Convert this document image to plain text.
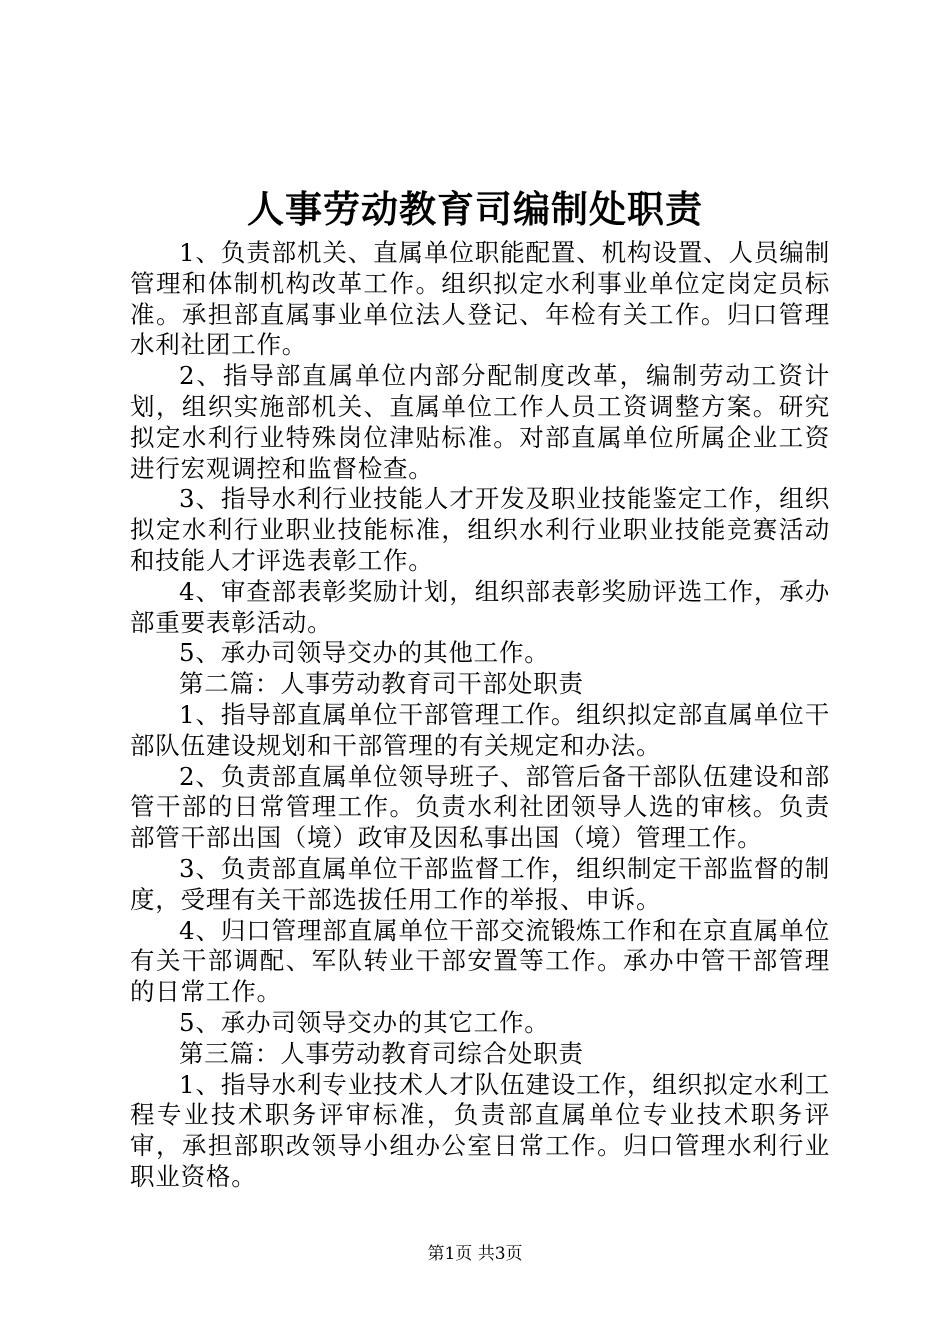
人事劳动教育司编制处职责

1、负责部机关、直属单位职能配置、机构设置、人员编制管理和体制机构改革工作。组织拟定水利事业单位定岗定员标准。承担部直属事业单位法人登记、年检有关工作。归口管理水利社团工作。

2、指导部直属单位内部分配制度改革，编制劳动工资计划，组织实施部机关、直属单位工作人员工资调整方案。研究拟定水利行业特殊岗位津贴标准。对部直属单位所属企业工资进行宏观调控和监督检查。

3、指导水利行业技能人才开发及职业技能鉴定工作，组织拟定水利行业职业技能标准，组织水利行业职业技能竞赛活动和技能人才评选表彰工作。

4、审查部表彰奖励计划，组织部表彰奖励评选工作，承办部重要表彰活动。

5、承办司领导交办的其他工作。

第二篇：人事劳动教育司干部处职责

1、指导部直属单位干部管理工作。组织拟定部直属单位干部队伍建设规划和干部管理的有关规定和办法。

2、负责部直属单位领导班子、部管后备干部队伍建设和部管干部的日常管理工作。负责水利社团领导人选的审核。负责部管干部出国（境）政审及因私事出国（境）管理工作。

3、负责部直属单位干部监督工作，组织制定干部监督的制度，受理有关干部选拔任用工作的举报、申诉。

4、归口管理部直属单位干部交流锻炼工作和在京直属单位有关干部调配、军队转业干部安置等工作。承办中管干部管理的日常工作。

5、承办司领导交办的其它工作。

第三篇：人事劳动教育司综合处职责

1、指导水利专业技术人才队伍建设工作，组织拟定水利工程专业技术职务评审标准，负责部直属单位专业技术职务评审，承担部职改领导小组办公室日常工作。归口管理水利行业职业资格。

第1页 共3页
